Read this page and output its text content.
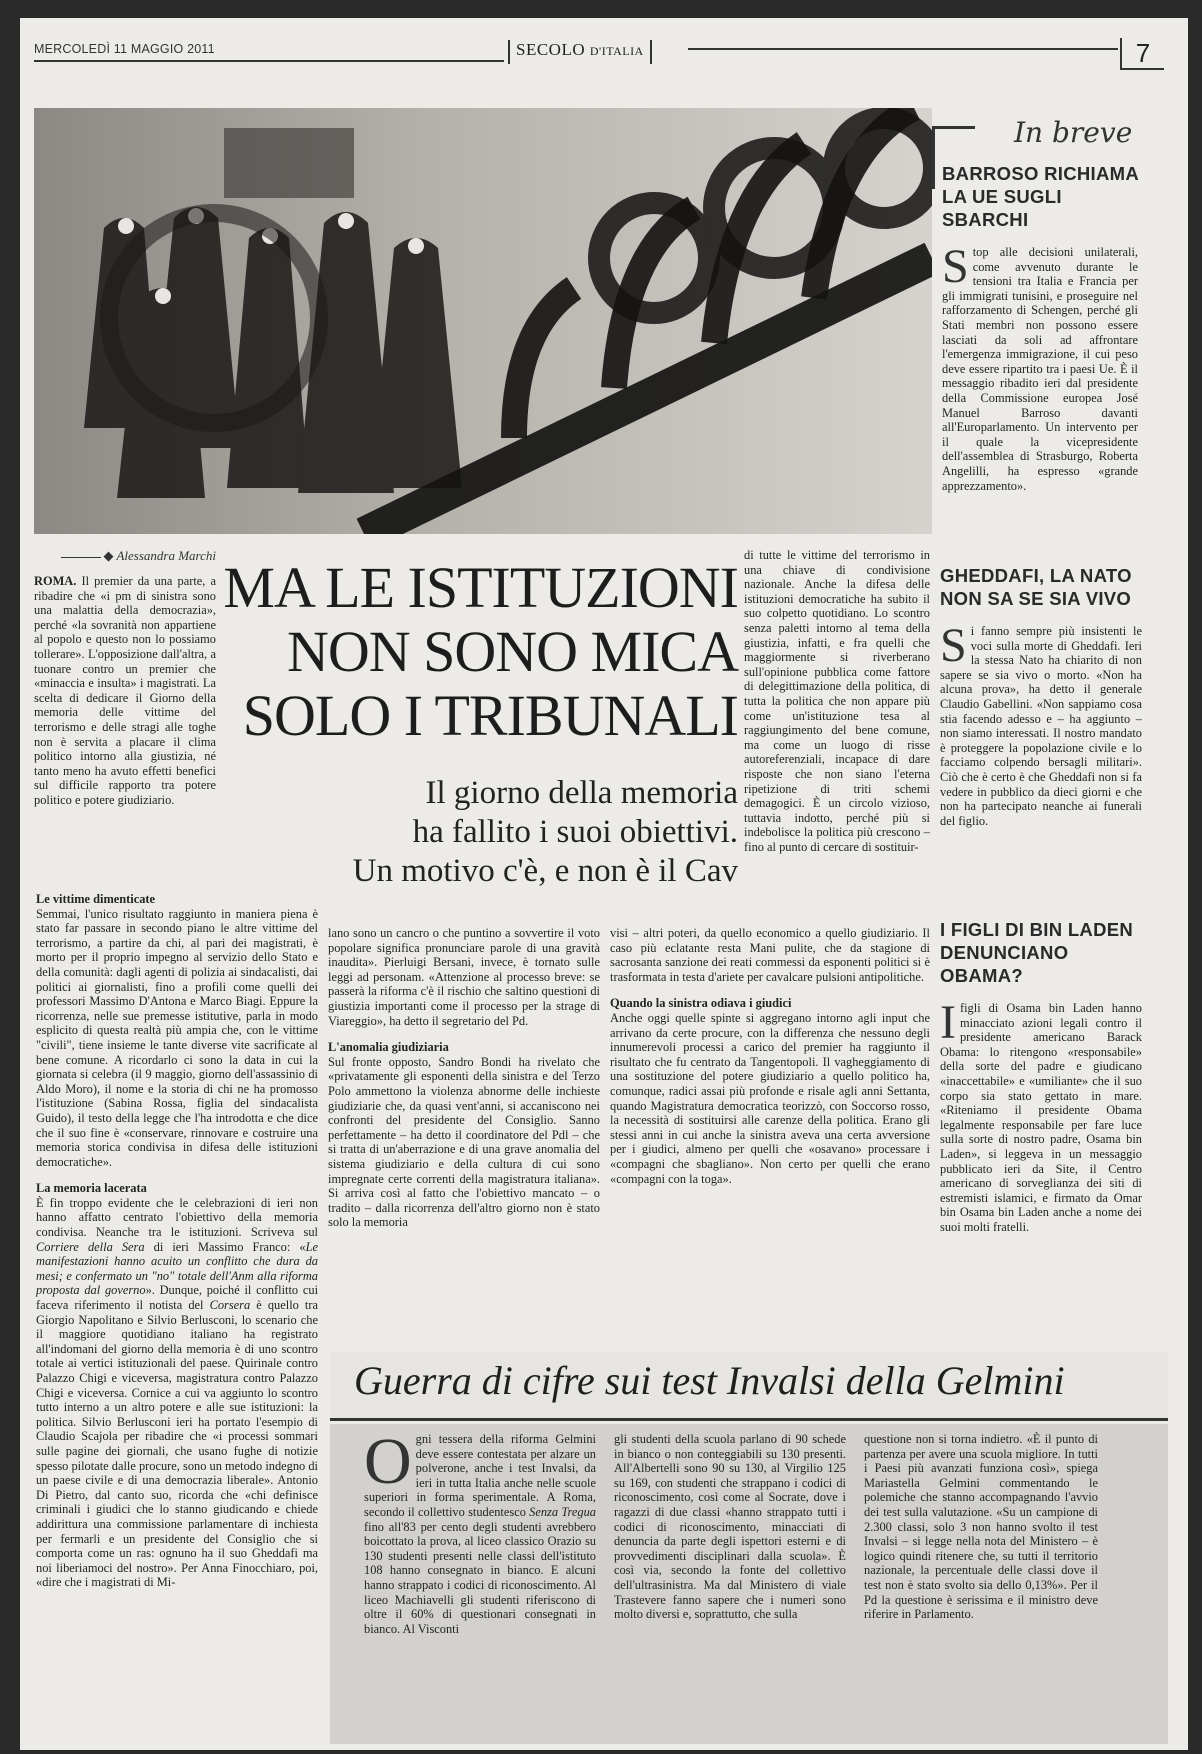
MERCOLEDÌ 11 MAGGIO 2011	SECOLO D'ITALIA	7
In breve
BARROSO RICHIAMA
LA UE SUGLI SBARCHI
Stop alle decisioni unilaterali, come avvenuto durante le tensioni tra Italia e Francia per gli immigrati tunisini, e proseguire nel rafforzamento di Schengen, perché gli Stati membri non possono essere lasciati da soli ad affrontare l'emergenza immigrazione, il cui peso deve essere ripartito tra i paesi Ue. È il messaggio ribadito ieri dal presidente della Commissione europea José Manuel Barroso davanti all'Europarlamento. Un intervento per il quale la vicepresidente dell'assemblea di Strasburgo, Roberta Angelilli, ha espresso «grande apprezzamento».
GHEDDAFI, LA NATO
NON SA SE SIA VIVO
Si fanno sempre più insistenti le voci sulla morte di Gheddafi. Ieri la stessa Nato ha chiarito di non sapere se sia vivo o morto. «Non ha alcuna prova», ha detto il generale Claudio Gabellini. «Non sappiamo cosa stia facendo adesso e – ha aggiunto – non siamo interessati. Il nostro mandato è proteggere la popolazione civile e lo facciamo colpendo bersagli militari». Ciò che è certo è che Gheddafi non si fa vedere in pubblico da dieci giorni e che non ha partecipato neanche ai funerali del figlio.
I FIGLI DI BIN LADEN
DENUNCIANO OBAMA?
Ifigli di Osama bin Laden hanno minacciato azioni legali contro il presidente americano Barack Obama: lo ritengono «responsabile» della sorte del padre e giudicano «inaccettabile» e «umiliante» che il suo corpo sia stato gettato in mare. «Riteniamo il presidente Obama legalmente responsabile per fare luce sulla sorte di nostro padre, Osama bin Laden», si leggeva in un messaggio pubblicato ieri da Site, il Centro americano di sorveglianza dei siti di estremisti islamici, e firmato da Omar bin Osama bin Laden anche a nome dei suoi molti fratelli.
◆ Alessandra Marchi
ROMA. Il premier da una parte, a ribadire che «i pm di sinistra sono una malattia della democrazia», perché «la sovranità non appartiene al popolo e questo non lo possiamo tollerare». L'opposizione dall'altra, a tuonare contro un premier che «minaccia e insulta» i magistrati. La scelta di dedicare il Giorno della memoria delle vittime del terrorismo e delle stragi alle toghe non è servita a placare il clima politico intorno alla giustizia, né tanto meno ha avuto effetti benefici sul difficile rapporto tra potere politico e potere giudiziario.
MA LE ISTITUZIONI
NON SONO MICA
SOLO I TRIBUNALI
Il giorno della memoria
ha fallito i suoi obiettivi.
Un motivo c'è, e non è il Cav

di tutte le vittime del terrorismo in una chiave di condivisione nazionale. Anche la difesa delle istituzioni democratiche ha subito il suo colpetto quotidiano. Lo scontro senza paletti intorno al tema della giustizia, infatti, e fra quelli che maggiormente si riverberano sull'opinione pubblica come fattore di delegittimazione della politica, di tutta la politica che non appare più come un'istituzione tesa al raggiungimento del bene comune, ma come un luogo di risse autoreferenziali, incapace di dare risposte che non siano l'eterna ripetizione di triti schemi demagogici. È un circolo vizioso, tuttavia indotto, perché più si indebolisce la politica più crescono – fino al punto di cercare di sostituir-

Le vittime dimenticate

Semmai, l'unico risultato raggiunto in maniera piena è stato far passare in secondo piano le altre vittime del terrorismo, a partire da chi, al pari dei magistrati, è morto per il proprio impegno al servizio dello Stato e della comunità: dagli agenti di polizia ai sindacalisti, dai politici ai giornalisti, fino a profili come quelli dei professori Massimo D'Antona e Marco Biagi. Eppure la ricorrenza, nelle sue premesse istitutive, parla in modo esplicito di questa realtà più ampia che, con le vittime "civili", tiene insieme le tante diverse vite sacrificate al bene comune. A ricordarlo ci sono la data in cui la giornata si celebra (il 9 maggio, giorno dell'assassinio di Aldo Moro), il nome e la storia di chi ne ha promosso l'istituzione (Sabina Rossa, figlia del sindacalista Guido), il testo della legge che l'ha introdotta e che dice che il suo fine è «conservare, rinnovare e costruire una memoria storica condivisa in difesa delle istituzioni democratiche».

La memoria lacerata

È fin troppo evidente che le celebrazioni di ieri non hanno affatto centrato l'obiettivo della memoria condivisa. Neanche tra le istituzioni. Scriveva sul Corriere della Sera di ieri Massimo Franco: «Le manifestazioni hanno acuito un conflitto che dura da mesi; e confermato un "no" totale dell'Anm alla riforma proposta dal governo». Dunque, poiché il conflitto cui faceva riferimento il notista del Corsera è quello tra Giorgio Napolitano e Silvio Berlusconi, lo scenario che il maggiore quotidiano italiano ha registrato all'indomani del giorno della memoria è di uno scontro totale ai vertici istituzionali del paese. Quirinale contro Palazzo Chigi e viceversa, magistratura contro Palazzo Chigi e viceversa. Cornice a cui va aggiunto lo scontro tutto interno a un altro potere e alle sue istituzioni: la politica. Silvio Berlusconi ieri ha portato l'esempio di Claudio Scajola per ribadire che «i processi sommari sulle pagine dei giornali, che usano fughe di notizie spesso pilotate dalle procure, sono un metodo indegno di un paese civile e di una democrazia liberale». Antonio Di Pietro, dal canto suo, ricorda che «chi definisce criminali i giudici che lo stanno giudicando e chiede addirittura una commissione parlamentare di inchiesta per fermarli e un presidente del Consiglio che si comporta come un ras: ognuno ha il suo Gheddafi ma noi liberiamoci del nostro». Per Anna Finocchiaro, poi, «dire che i magistrati di Mi-

lano sono un cancro o che puntino a sovvertire il voto popolare significa pronunciare parole di una gravità inaudita». Pierluigi Bersani, invece, è tornato sulle leggi ad personam. «Attenzione al processo breve: se passerà la riforma c'è il rischio che saltino questioni di giustizia importanti come il processo per la strage di Viareggio», ha detto il segretario del Pd.

L'anomalia giudiziaria

Sul fronte opposto, Sandro Bondi ha rivelato che «privatamente gli esponenti della sinistra e del Terzo Polo ammettono la violenza abnorme delle inchieste giudiziarie che, da quasi vent'anni, si accaniscono nei confronti del presidente del Consiglio. Sanno perfettamente – ha detto il coordinatore del Pdl – che si tratta di un'aberrazione e di una grave anomalia del sistema giudiziario e della cultura di cui sono impregnate certe correnti della magistratura italiana». Si arriva così al fatto che l'obiettivo mancato – o tradito – dalla ricorrenza dell'altro giorno non è stato solo la memoria

visi – altri poteri, da quello economico a quello giudiziario. Il caso più eclatante resta Mani pulite, che da stagione di sacrosanta sanzione dei reati commessi da esponenti politici si è trasformata in testa d'ariete per cavalcare pulsioni antipolitiche.

Quando la sinistra odiava i giudici

Anche oggi quelle spinte si aggregano intorno agli input che arrivano da certe procure, con la differenza che nessuno degli innumerevoli processi a carico del premier ha raggiunto il risultato che fu centrato da Tangentopoli. Il vagheggiamento di una sostituzione del potere giudiziario a quello politico ha, comunque, radici assai più profonde e risale agli anni Settanta, quando Magistratura democratica teorizzò, con Soccorso rosso, la necessità di sostituirsi alle carenze della politica. Erano gli stessi anni in cui anche la sinistra aveva una certa avversione per i giudici, almeno per quelli che «osavano» processare i «compagni che sbagliano». Non certo per quelli che erano «compagni con la toga».

Guerra di cifre sui test Invalsi della Gelmini
Ogni tessera della riforma Gelmini deve essere contestata per alzare un polverone, anche i test Invalsi, da ieri in tutta Italia anche nelle scuole superiori in forma sperimentale. A Roma, secondo il collettivo studentesco Senza Tregua fino all'83 per cento degli studenti avrebbero boicottato la prova, al liceo classico Orazio su 130 studenti presenti nelle classi dell'istituto 108 hanno consegnato in bianco. E alcuni hanno strappato i codici di riconoscimento. Al liceo Machiavelli gli studenti riferiscono di oltre il 60% di questionari consegnati in bianco. Al Visconti

gli studenti della scuola parlano di 90 schede in bianco o non conteggiabili su 130 presenti. All'Albertelli sono 90 su 130, al Virgilio 125 su 169, con studenti che strappano i codici di riconoscimento, così come al Socrate, dove i ragazzi di due classi «hanno strappato tutti i codici di riconoscimento, minacciati di denuncia da parte degli ispettori esterni e di provvedimenti disciplinari dalla scuola». È così via, secondo la fonte del collettivo dell'ultrasinistra. Ma dal Ministero di viale Trastevere fanno sapere che i numeri sono molto diversi e, soprattutto, che sulla

questione non si torna indietro. «È il punto di partenza per avere una scuola migliore. In tutti i Paesi più avanzati funziona così», spiega Mariastella Gelmini commentando le polemiche che stanno accompagnando l'avvio dei test sulla valutazione. «Su un campione di 2.300 classi, solo 3 non hanno svolto il test Invalsi – si legge nella nota del Ministero – è logico quindi ritenere che, su tutti il territorio nazionale, la percentuale delle classi dove il test non è stato svolto sia dello 0,13%». Per il Pd la questione è serissima e il ministro deve riferire in Parlamento.
